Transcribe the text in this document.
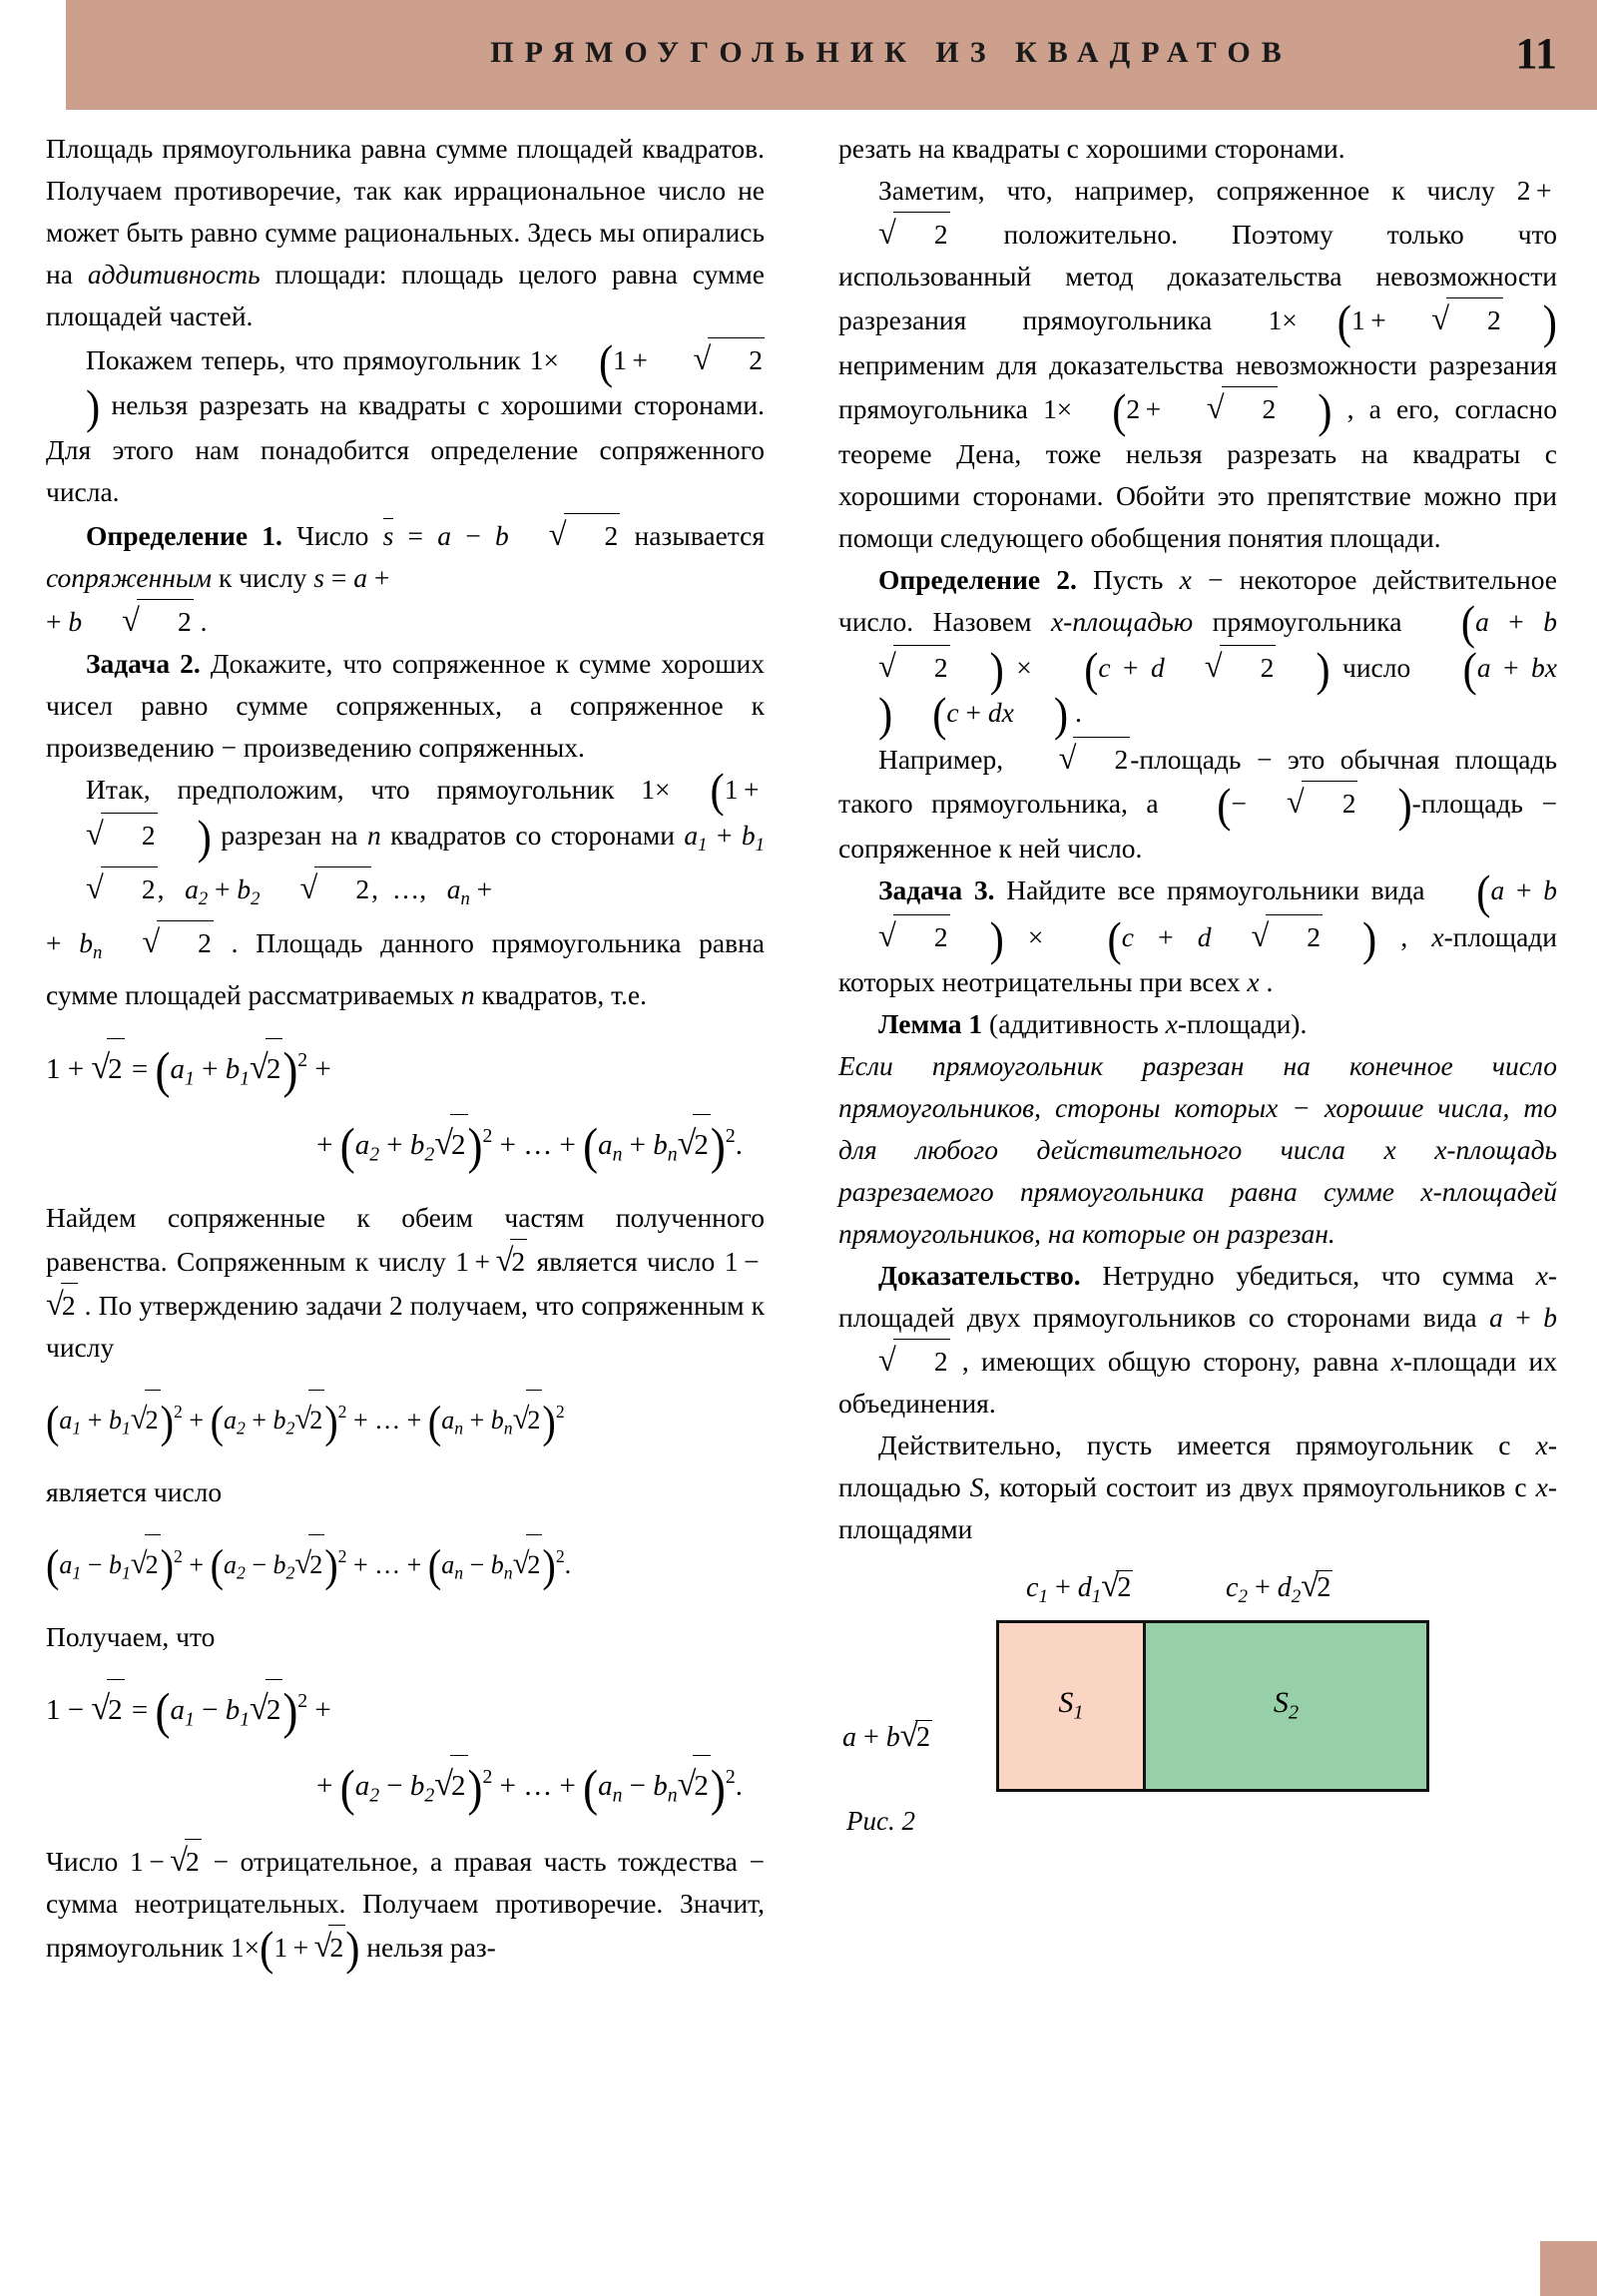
ПРЯМОУГОЛЬНИК ИЗ КВАДРАТОВ	11

Площадь прямоугольника равна сумме площадей квадратов. Получаем противоречие, так как иррациональное число не может быть равно сумме рациональных. Здесь мы опирались на аддитивность площади: площадь целого равна сумме площадей частей.

Покажем теперь, что прямоугольник 1× (1 + √ 2) нельзя разрезать на квадраты с хорошими сторонами. Для этого нам понадобится определение сопряженного числа.

Определение 1. Число s = a − b √ 2 называется сопряженным к числу s = a +
+ b √ 2 .

Задача 2. Докажите, что сопряженное к сумме хороших чисел равно сумме сопряженных, а сопряженное к произведению − произведению сопряженных.

Итак, предположим, что прямоугольник 1× (1 + √ 2 ) разрезан на n квадратов со сторонами $a_1 + b_1√$ 2,   $a_2 + b_2$ √ 2, …,   $a_n$ +
+ $b_n$ √ 2 . Площадь данного прямоугольника равна сумме площадей рассматриваемых n квадратов, т.е.

$1 + √2 = (a_1 + b_1√2)^2$ +
+ $(a_2 + b_2√2)^2$ + … + $(a_n + b_n√2)^2$.

Найдем сопряженные к обеим частям полученного равенства. Сопряженным к числу 1 + √2 является число 1 − √2 . По утверждению задачи 2 получаем, что сопряженным к числу

$(a_1 + b_1√2)^2 + (a_2 + b_2√2)^2$ + … + $(a_n + b_n√2)^2$

является число

$(a_1 - b_1√2)^2 + (a_2 - b_2√2)^2$ + … + $(a_n - b_n√2)^2$.

Получаем, что

$1 - √2 = (a_1 - b_1√2)^2$ +
+ $(a_2 - b_2√2)^2$ + … + $(a_n - b_n√2)^2$.

Число 1 − √2 − отрицательное, а правая часть тождества − сумма неотрицательных. Получаем противоречие. Значит, прямоугольник 1×(1 + √2) нельзя раз-

резать на квадраты с хорошими сторонами.

Заметим, что, например, сопряженное к числу 2 + √ 2 положительно. Поэтому только что использованный метод доказательства невозможности разрезания прямоугольника 1× (1 + √ 2 ) неприменим для доказательства невозможности разрезания прямоугольника 1× (2 + √ 2 ) , а его, согласно теореме Дена, тоже нельзя разрезать на квадраты с хорошими сторонами. Обойти это препятствие можно при помощи следующего обобщения понятия площади.

Определение 2. Пусть x − некоторое действительное число. Назовем x-площадью прямоугольника (a + b√ 2 ) × (c + d √ 2 ) число (a + bx) (c + dx ) .

Например, √ 2-площадь − это обычная площадь такого прямоугольника, а (− √ 2 )-площадь − сопряженное к ней число.

Задача 3. Найдите все прямоугольники вида (a + b√ 2 ) × (c + d √ 2 ) , x-площади которых неотрицательны при всех x .

Лемма 1 (аддитивность x-площади).

Если прямоугольник разрезан на конечное число прямоугольников, стороны которых − хорошие числа, то для любого действительного числа x x-площадь разрезаемого прямоугольника равна сумме x-площадей прямоугольников, на которые он разрезан.

Доказательство. Нетрудно убедиться, что сумма x-площадей двух прямоугольников со сторонами вида a + b√ 2 , имеющих общую сторону, равна x-площади их объединения.

Действительно, пусть имеется прямоугольник с x-площадью S, который состоит из двух прямоугольников с x-площадями

$c_1 + d_1√2$	$c_2 + d_2√2$
a + b√2
$S_1$	$S_2$
Рис. 2
